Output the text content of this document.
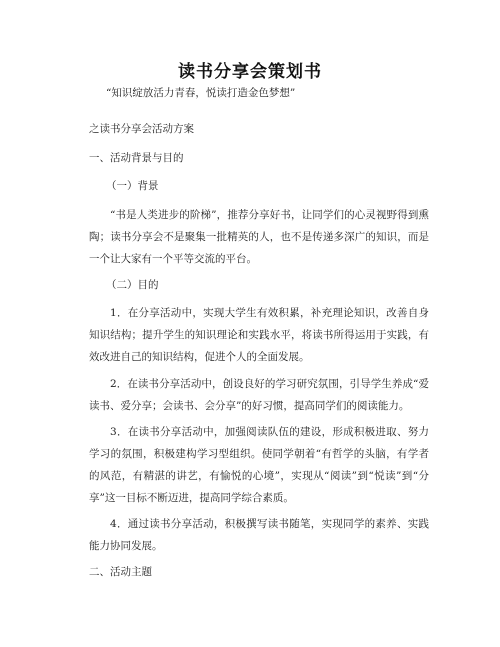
读书分享会策划书
“知识绽放活力青春，悦读打造金色梦想”
之读书分享会活动方案
一、活动背景与目的
（一）背景
“书是人类进步的阶梯”，推荐分享好书，让同学们的心灵视野得到熏陶；读书分享会不是聚集一批精英的人，也不是传递多深广的知识，而是一个让大家有一个平等交流的平台。
（二）目的
1．在分享活动中，实现大学生有效积累，补充理论知识，改善自身知识结构；提升学生的知识理论和实践水平，将读书所得运用于实践，有效改进自己的知识结构，促进个人的全面发展。
2．在读书分享活动中，创设良好的学习研究氛围，引导学生养成“爱读书、爱分享；会读书、会分享”的好习惯，提高同学们的阅读能力。
3．在读书分享活动中，加强阅读队伍的建设，形成积极进取、努力学习的氛围，积极建构学习型组织。使同学朝着“有哲学的头脑，有学者的风范，有精湛的讲艺，有愉悦的心境”，实现从“阅读”到“悦读”到“分享”这一目标不断迈进，提高同学综合素质。
4．通过读书分享活动，积极撰写读书随笔，实现同学的素养、实践能力协同发展。
二、活动主题
